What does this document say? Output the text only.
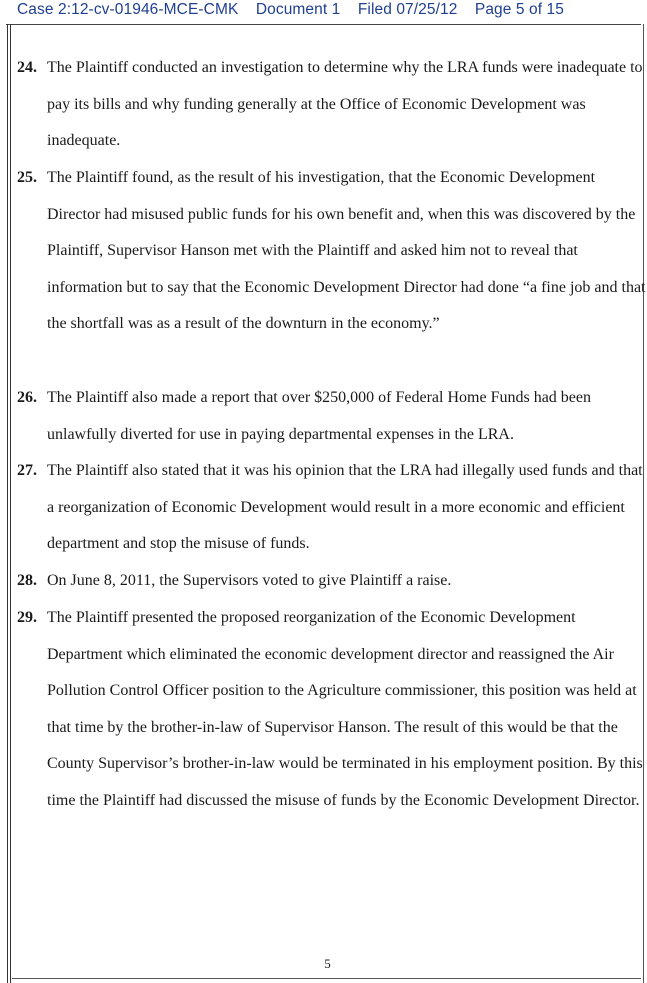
Case 2:12-cv-01946-MCE-CMK Document 1 Filed 07/25/12 Page 5 of 15
24. The Plaintiff conducted an investigation to determine why the LRA funds were inadequate to pay its bills and why funding generally at the Office of Economic Development was inadequate.
25. The Plaintiff found, as the result of his investigation, that the Economic Development Director had misused public funds for his own benefit and, when this was discovered by the Plaintiff, Supervisor Hanson met with the Plaintiff and asked him not to reveal that information but to say that the Economic Development Director had done “a fine job and that the shortfall was as a result of the downturn in the economy.”
26. The Plaintiff also made a report that over $250,000 of Federal Home Funds had been unlawfully diverted for use in paying departmental expenses in the LRA.
27. The Plaintiff also stated that it was his opinion that the LRA had illegally used funds and that a reorganization of Economic Development would result in a more economic and efficient department and stop the misuse of funds.
28. On June 8, 2011, the Supervisors voted to give Plaintiff a raise.
29. The Plaintiff presented the proposed reorganization of the Economic Development Department which eliminated the economic development director and reassigned the Air Pollution Control Officer position to the Agriculture commissioner, this position was held at that time by the brother-in-law of Supervisor Hanson. The result of this would be that the County Supervisor’s brother-in-law would be terminated in his employment position. By this time the Plaintiff had discussed the misuse of funds by the Economic Development Director.
5
